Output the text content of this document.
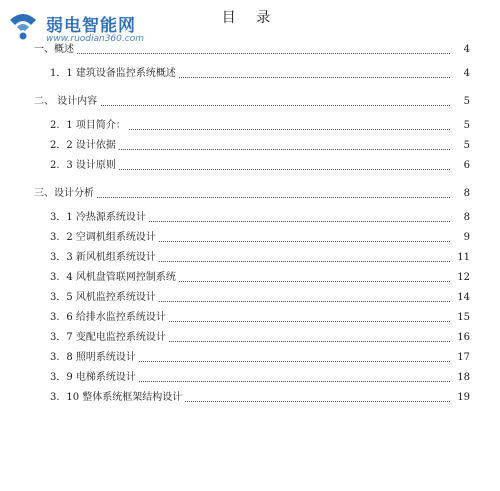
目 录
一、概述	4
1．1 建筑设备监控系统概述	4
二、 设计内容	5
2．1 项目简介：	5
2．2 设计依据	5
2．3 设计原则	6
三、设计分析	8
3．1 冷热源系统设计	8
3．2 空调机组系统设计	9
3．3 新风机组系统设计	11
3．4 风机盘管联网控制系统	12
3．5 风机监控系统设计	14
3．6 给排水监控系统设计	15
3．7 变配电监控系统设计	16
3．8 照明系统设计	17
3．9 电梯系统设计	18
3．10 整体系统框架结构设计	19
弱电智能网
www.ruodian360.com
